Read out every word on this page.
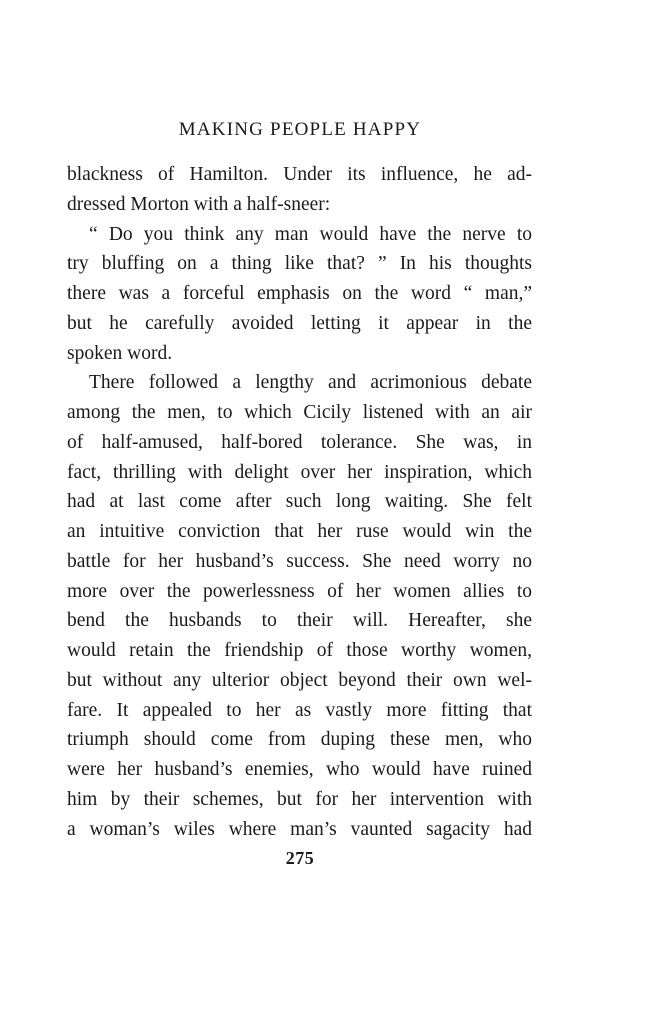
MAKING PEOPLE HAPPY
blackness of Hamilton. Under its influence, he ad-
dressed Morton with a half-sneer:
“ Do you think any man would have the nerve to
try bluffing on a thing like that? ” In his thoughts
there was a forceful emphasis on the word “ man,”
but he carefully avoided letting it appear in the
spoken word.
There followed a lengthy and acrimonious debate
among the men, to which Cicily listened with an air
of half-amused, half-bored tolerance. She was, in
fact, thrilling with delight over her inspiration, which
had at last come after such long waiting. She felt
an intuitive conviction that her ruse would win the
battle for her husband’s success. She need worry no
more over the powerlessness of her women allies to
bend the husbands to their will. Hereafter, she
would retain the friendship of those worthy women,
but without any ulterior object beyond their own wel-
fare. It appealed to her as vastly more fitting that
triumph should come from duping these men, who
were her husband’s enemies, who would have ruined
him by their schemes, but for her intervention with
a woman’s wiles where man’s vaunted sagacity had
275
